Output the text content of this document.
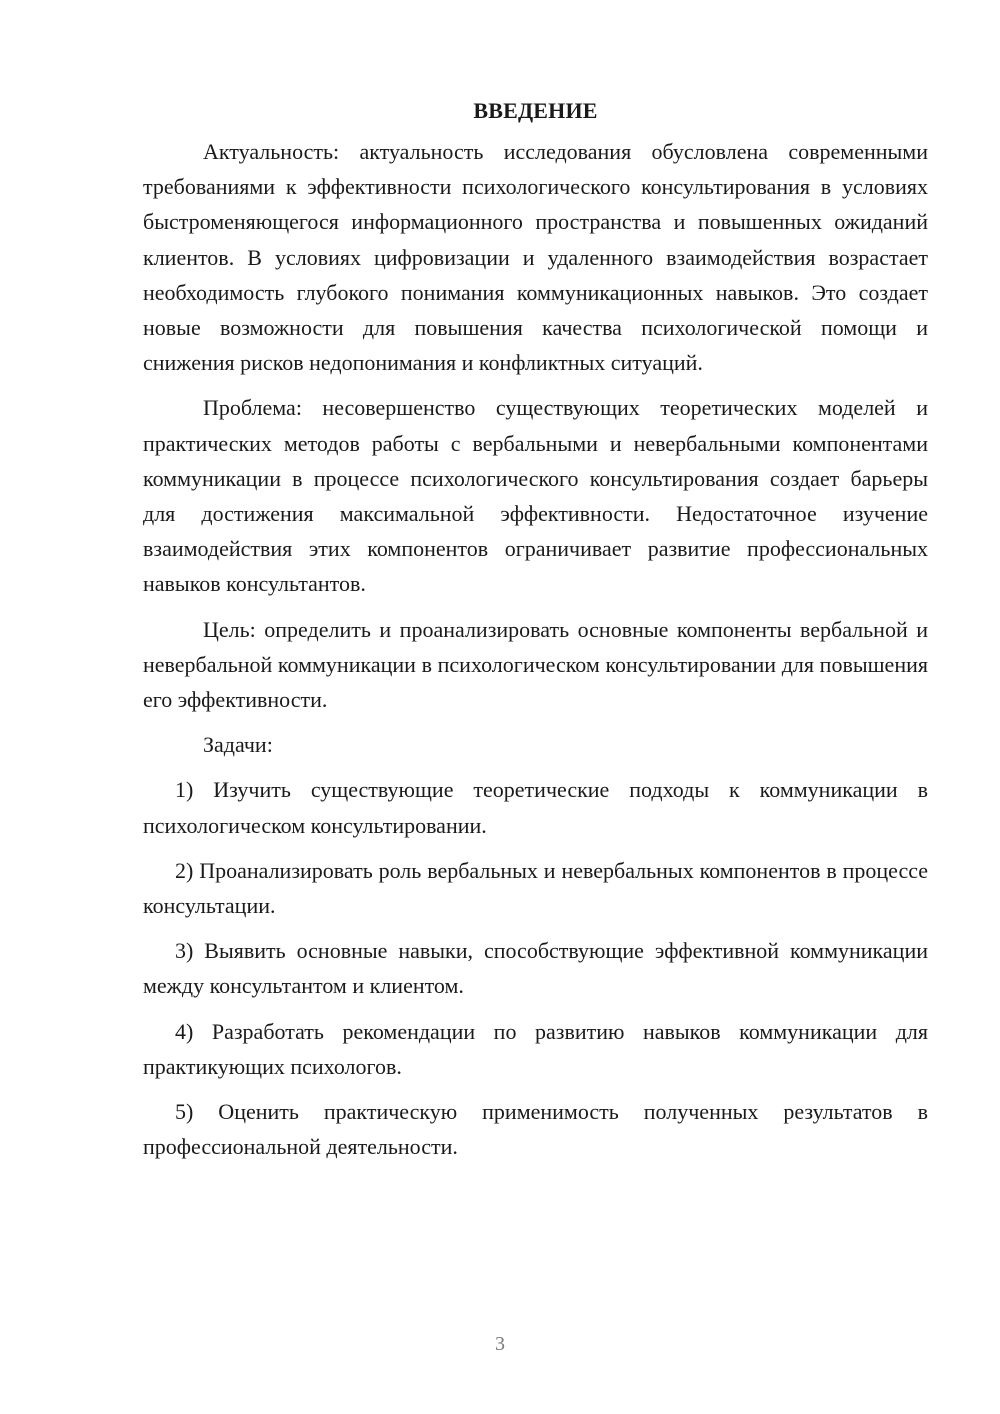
ВВЕДЕНИЕ

Актуальность: актуальность исследования обусловлена современными требованиями к эффективности психологического консультирования в условиях быстроменяющегося информационного пространства и повышенных ожиданий клиентов. В условиях цифровизации и удаленного взаимодействия возрастает необходимость глубокого понимания коммуникационных навыков. Это создает новые возможности для повышения качества психологической помощи и снижения рисков недопонимания и конфликтных ситуаций.

Проблема: несовершенство существующих теоретических моделей и практических методов работы с вербальными и невербальными компонентами коммуникации в процессе психологического консультирования создает барьеры для достижения максимальной эффективности. Недостаточное изучение взаимодействия этих компонентов ограничивает развитие профессиональных навыков консультантов.

Цель: определить и проанализировать основные компоненты вербальной и невербальной коммуникации в психологическом консультировании для повышения его эффективности.

Задачи:

1) Изучить существующие теоретические подходы к коммуникации в психологическом консультировании.

2) Проанализировать роль вербальных и невербальных компонентов в процессе консультации.

3) Выявить основные навыки, способствующие эффективной коммуникации между консультантом и клиентом.

4) Разработать рекомендации по развитию навыков коммуникации для практикующих психологов.

5) Оценить практическую применимость полученных результатов в профессиональной деятельности.

3
